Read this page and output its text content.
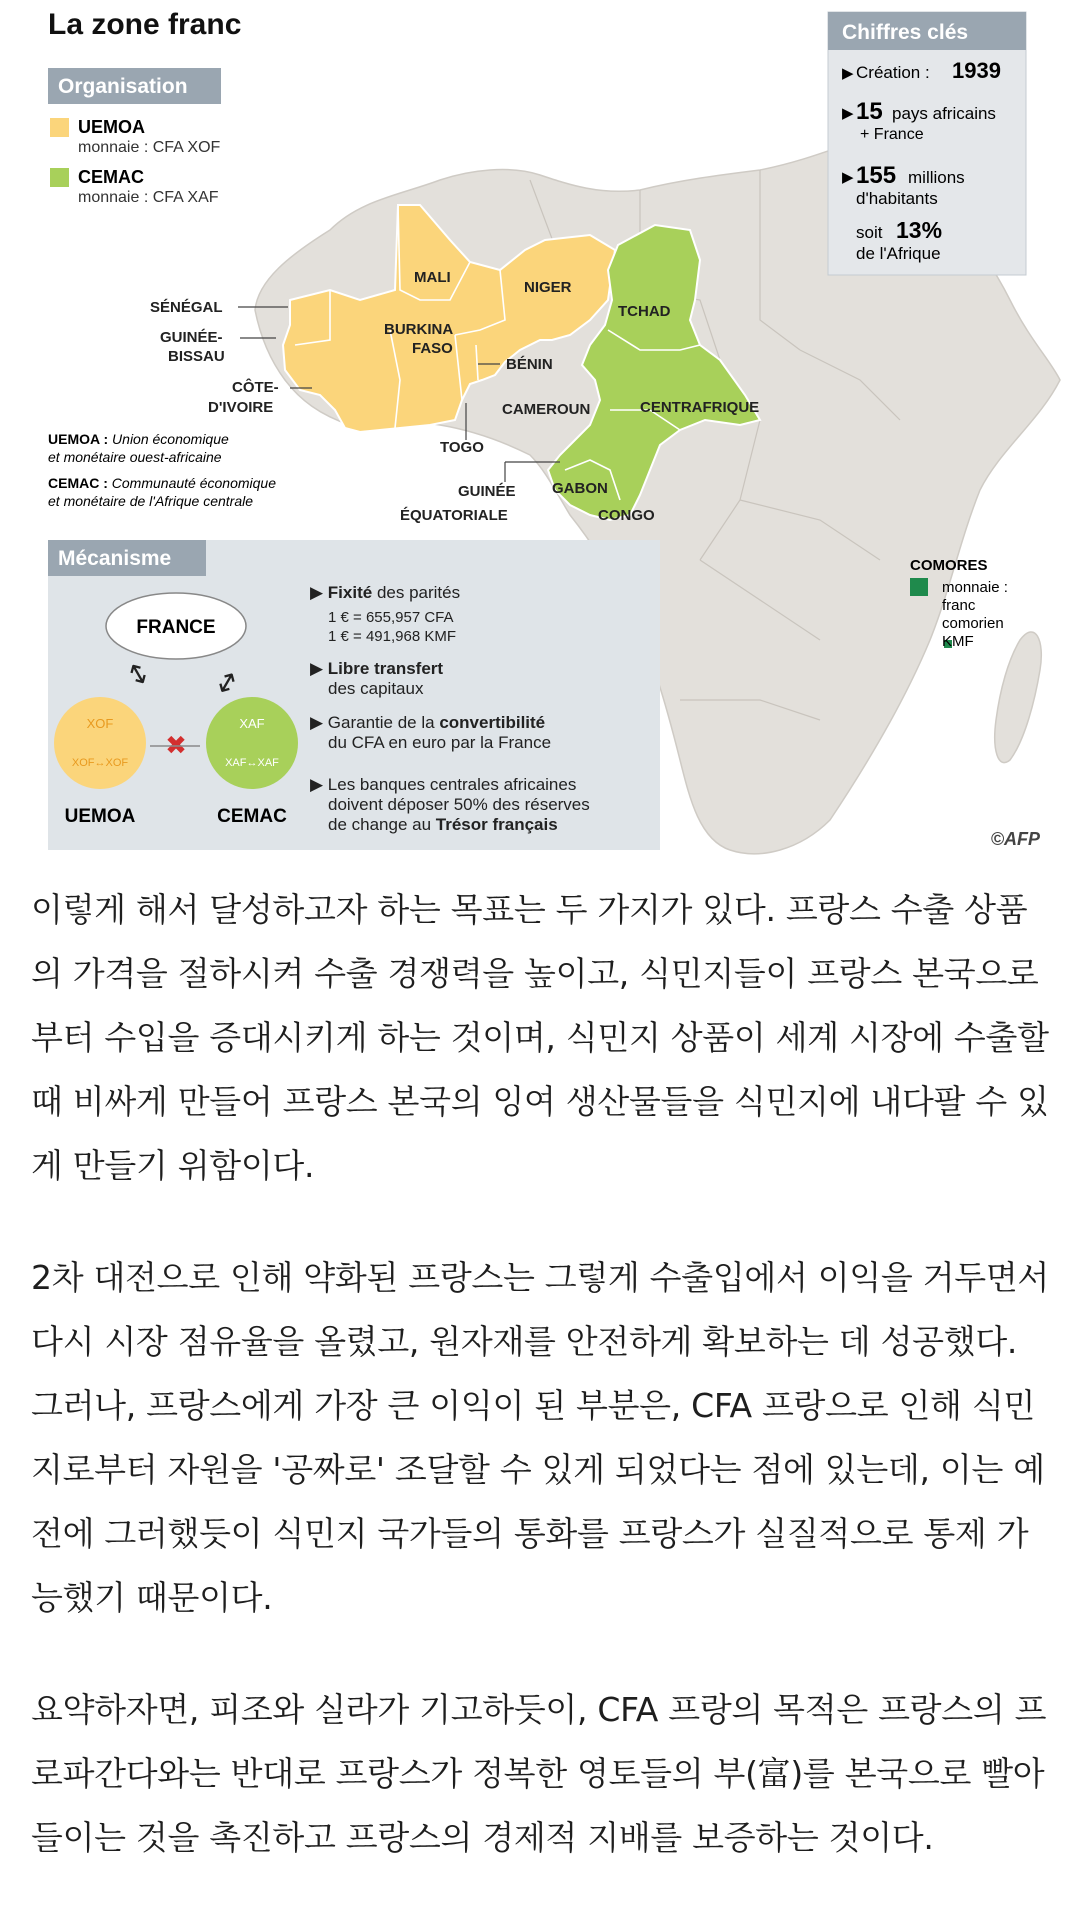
La zone franc
Organisation
UEMOA
monnaie : CFA XOF
CEMAC
monnaie : CFA XAF
Chiffres clés
▶ Création : 1939
▶ 15 pays africains
+ France
▶ 155 millions
d'habitants
soit 13%
de l'Afrique
SÉNÉGAL
GUINÉE-
BISSAU
CÔTE-
D'IVOIRE
MALI
NIGER
BURKINA
FASO
BÉNIN
TOGO
TCHAD
CAMEROUN	CENTRAFRIQUE
GABON
CONGO
GUINÉE
ÉQUATORIALE
UEMOA : Union économique
et monétaire ouest-africaine
CEMAC : Communauté économique
et monétaire de l'Afrique centrale
COMORES
monnaie :
franc
comorien
KMF
Mécanisme
FRANCE
↕ ↕
XOF
XOF↔XOF
XAF
XAF↔XAF
✖
UEMOA	CEMAC
▶ Fixité des parités
1 € = 655,957 CFA
1 € = 491,968 KMF
▶ Libre transfert
des capitaux
▶ Garantie de la convertibilité
du CFA en euro par la France
▶ Les banques centrales africaines
doivent déposer 50% des réserves
de change au Trésor français
©AFP

이렇게 해서 달성하고자 하는 목표는 두 가지가 있다. 프랑스 수출 상품의 가격을 절하시켜 수출 경쟁력을 높이고, 식민지들이 프랑스 본국으로부터 수입을 증대시키게 하는 것이며, 식민지 상품이 세계 시장에 수출할 때 비싸게 만들어 프랑스 본국의 잉여 생산물들을 식민지에 내다팔 수 있게 만들기 위함이다.

2차 대전으로 인해 약화된 프랑스는 그렇게 수출입에서 이익을 거두면서 다시 시장 점유율을 올렸고, 원자재를 안전하게 확보하는 데 성공했다. 그러나, 프랑스에게 가장 큰 이익이 된 부분은, CFA 프랑으로 인해 식민지로부터 자원을 '공짜로' 조달할 수 있게 되었다는 점에 있는데, 이는 예전에 그러했듯이 식민지 국가들의 통화를 프랑스가 실질적으로 통제 가능했기 때문이다.

요약하자면, 피조와 실라가 기고하듯이, CFA 프랑의 목적은 프랑스의 프로파간다와는 반대로 프랑스가 정복한 영토들의 부(富)를 본국으로 빨아들이는 것을 촉진하고 프랑스의 경제적 지배를 보증하는 것이다.
